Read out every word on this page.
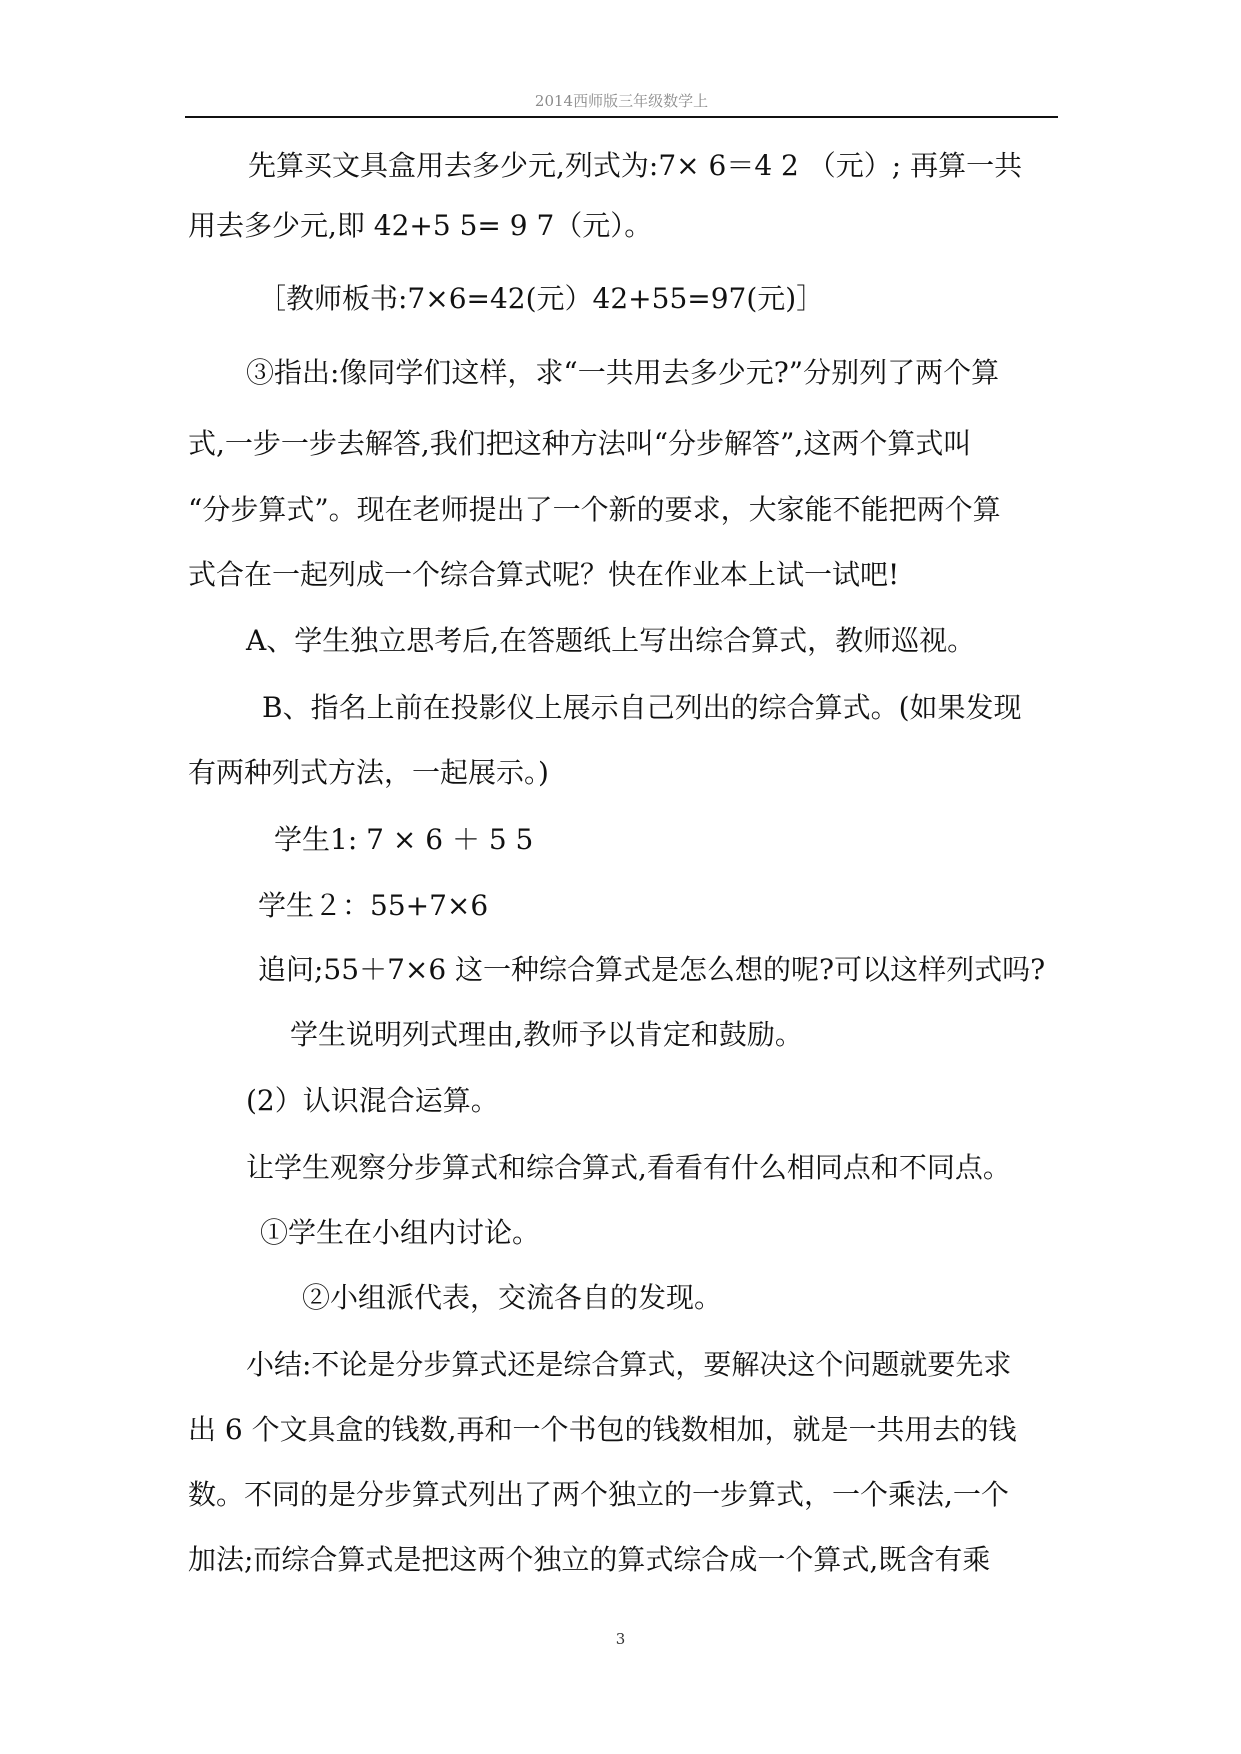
2014西师版三年级数学上
先算买文具盒用去多少元,列式为:7× 6＝4 2 （元）; 再算一共
用去多少元,即 42+5 5= 9 7（元）。
［教师板书:7×6=42(元）42+55=97(元)］
③指出:像同学们这样，求“一共用去多少元?”分别列了两个算
式,一步一步去解答,我们把这种方法叫“分步解答”,这两个算式叫
“分步算式”。现在老师提出了一个新的要求，大家能不能把两个算
式合在一起列成一个综合算式呢？快在作业本上试一试吧!
A、学生独立思考后,在答题纸上写出综合算式，教师巡视。
B、指名上前在投影仪上展示自己列出的综合算式。(如果发现
有两种列式方法，一起展示。)
学生1: 7 × 6 ＋ 5 5
学生２：55+7×6
追问;55＋7×6 这一种综合算式是怎么想的呢?可以这样列式吗?
学生说明列式理由,教师予以肯定和鼓励。
(2）认识混合运算。
让学生观察分步算式和综合算式,看看有什么相同点和不同点。
①学生在小组内讨论。
②小组派代表，交流各自的发现。
小结:不论是分步算式还是综合算式，要解决这个问题就要先求
出 6 个文具盒的钱数,再和一个书包的钱数相加，就是一共用去的钱
数。不同的是分步算式列出了两个独立的一步算式，一个乘法,一个
加法;而综合算式是把这两个独立的算式综合成一个算式,既含有乘
3
